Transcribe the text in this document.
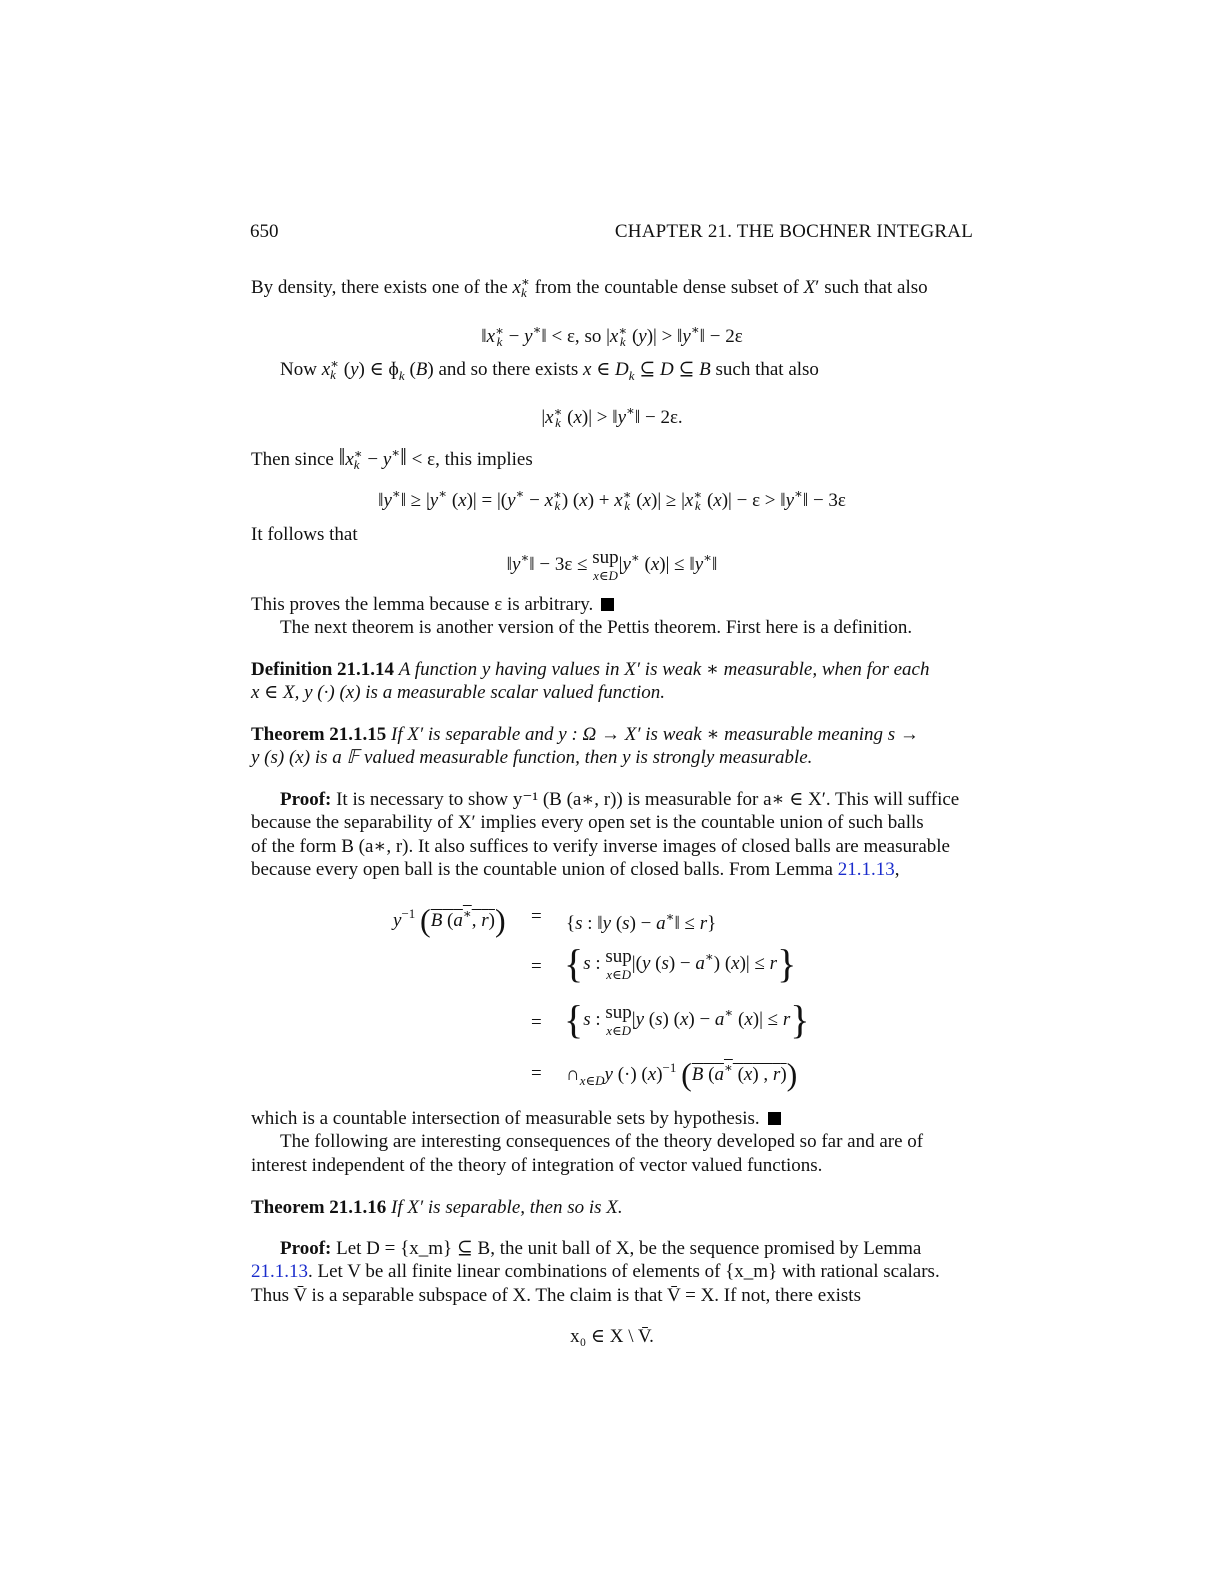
650	CHAPTER 21. THE BOCHNER INTEGRAL
By density, there exists one of the x∗
k from the countable dense subset of X′ such that also
‖x∗
k − y∗‖ < ε, so |x∗
k (y)| > ‖y∗‖ − 2ε
Now x∗
k (y) ∈ ɸ$_k$ (B) and so there exists x ∈ $D_k$ ⊆ D ⊆ B such that also
|x∗
k (x)| > ‖y∗‖ − 2ε.
Then since ‖x∗
k − y∗‖ < ε, this implies
‖y∗‖ ≥ |y∗ (x)| = |(y∗ − x∗
k) (x) + x∗
k (x)| ≥ |x∗
k (x)| − ε > ‖y∗‖ − 3ε
It follows that
‖y∗‖ − 3ε ≤ sup
x∈D
|y∗ (x)| ≤ ‖y∗‖
This proves the lemma because ε is arbitrary.
The next theorem is another version of the Pettis theorem. First here is a definition.
Definition 21.1.14 A function y having values in X′ is weak ∗ measurable, when for each
x ∈ X, y (·) (x) is a measurable scalar valued function.
Theorem 21.1.15 If X′ is separable and y : Ω → X′ is weak ∗ measurable meaning s →
y (s) (x) is a 𝔽 valued measurable function, then y is strongly measurable.
Proof: It is necessary to show y⁻¹ (B (a∗, r)) is measurable for a∗ ∈ X′. This will suffice
because the separability of X′ implies every open set is the countable union of such balls
of the form B (a∗, r). It also suffices to verify inverse images of closed balls are measurable
because every open ball is the countable union of closed balls. From Lemma 21.1.13,
$y^{-1}$ (B (a∗, r)) = {s : ‖y (s) − a∗‖ ≤ r}
= {s : sup
x∈D
|(y (s) − a∗) (x)| ≤ r}
= {s : sup
x∈D
|y (s) (x) − a∗ (x)| ≤ r}
= $\cap_{x\in D}y$ (·) $(x)^{-1}$ (B (a∗ (x) , r))
which is a countable intersection of measurable sets by hypothesis.
The following are interesting consequences of the theory developed so far and are of
interest independent of the theory of integration of vector valued functions.
Theorem 21.1.16 If X′ is separable, then so is X.
Proof: Let D = {x_m} ⊆ B, the unit ball of X, be the sequence promised by Lemma
21.1.13. Let V be all finite linear combinations of elements of {x_m} with rational scalars.
Thus V̄ is a separable subspace of X. The claim is that V̄ = X. If not, there exists
x₀ ∈ X \ V̄.
